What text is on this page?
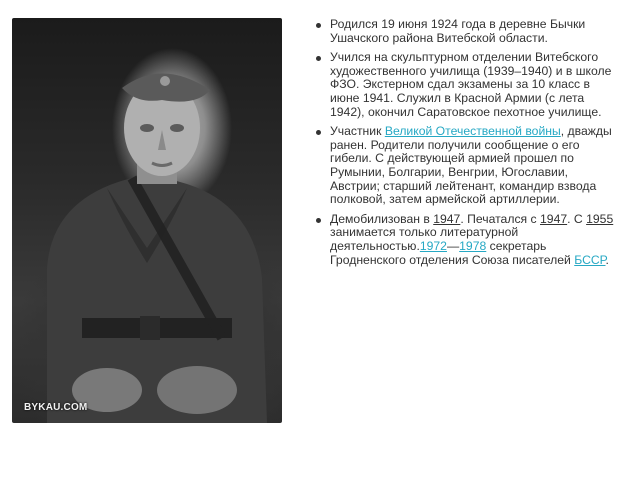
BYKAU.COM
Родился 19 июня 1924 года в деревне Бычки Ушачского района Витебской области.
Учился на скульптурном отделении Витебского художественного училища (1939–1940) и в школе ФЗО. Экстерном сдал экзамены за 10 класс в июне 1941. Служил в Красной Армии (с лета 1942), окончил Саратовское пехотное училище.
Участник Великой Отечественной войны, дважды ранен. Родители получили сообщение о его гибели. С действующей армией прошел по Румынии, Болгарии, Венгрии, Югославии, Австрии; старший лейтенант, командир взвода полковой, затем армейской артиллерии.
Демобилизован в 1947. Печатался с 1947. С 1955 занимается только литературной деятельностью.1972—1978 секретарь Гродненского отделения Союза писателей БССР.
